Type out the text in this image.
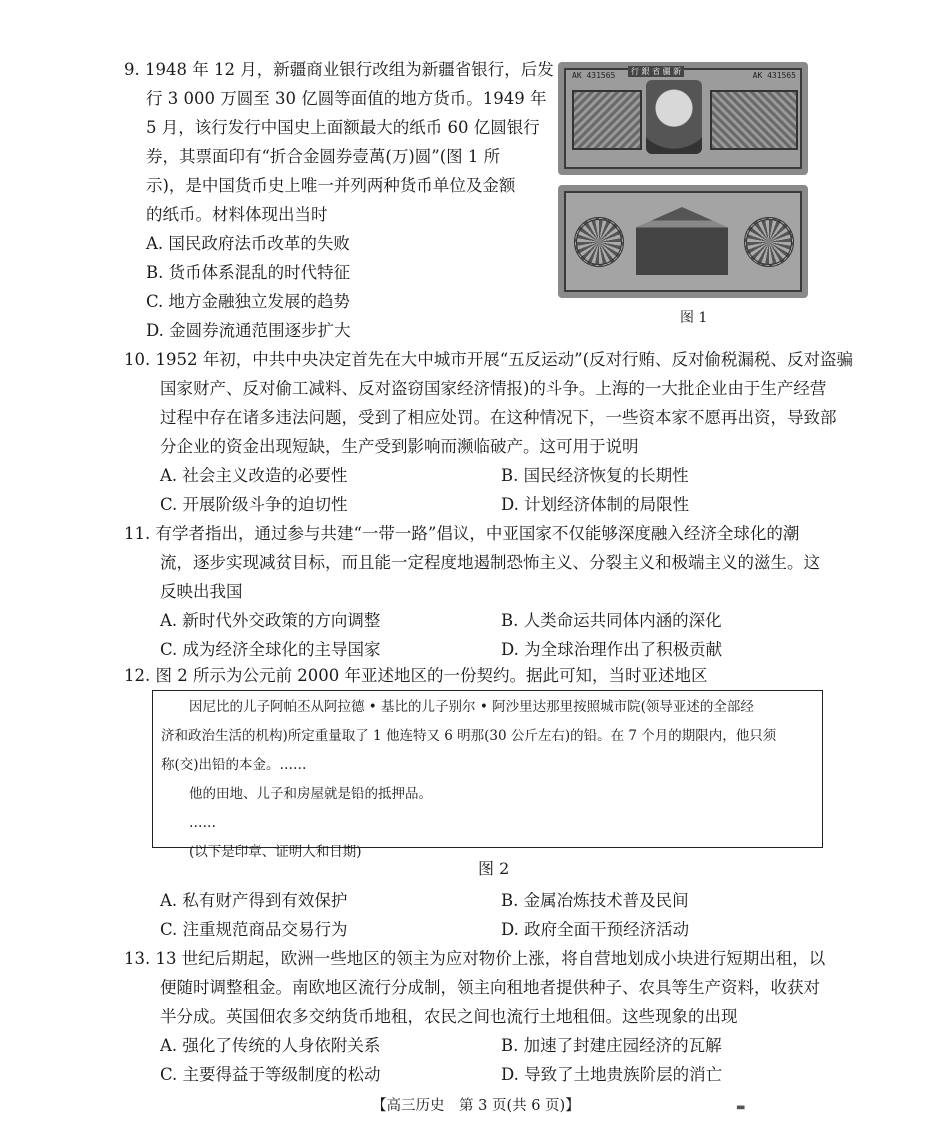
9. 1948 年 12 月，新疆商业银行改组为新疆省银行，后发
行 3 000 万圆至 30 亿圆等面值的地方货币。1949 年
5 月，该行发行中国史上面额最大的纸币 60 亿圆银行
券，其票面印有“折合金圆券壹萬(万)圆”(图 1 所
示)，是中国货币史上唯一并列两种货币单位及金额
的纸币。材料体现出当时
A. 国民政府法币改革的失败
B. 货币体系混乱的时代特征
C. 地方金融独立发展的趋势
D. 金圆券流通范围逐步扩大
行 銀 省 疆 新
AK 431565	AK 431565
图 1
10. 1952 年初，中共中央决定首先在大中城市开展“五反运动”(反对行贿、反对偷税漏税、反对盗骗
国家财产、反对偷工减料、反对盗窃国家经济情报)的斗争。上海的一大批企业由于生产经营
过程中存在诸多违法问题，受到了相应处罚。在这种情况下，一些资本家不愿再出资，导致部
分企业的资金出现短缺，生产受到影响而濒临破产。这可用于说明
A. 社会主义改造的必要性	B. 国民经济恢复的长期性
C. 开展阶级斗争的迫切性	D. 计划经济体制的局限性
11. 有学者指出，通过参与共建“一带一路”倡议，中亚国家不仅能够深度融入经济全球化的潮
流，逐步实现减贫目标，而且能一定程度地遏制恐怖主义、分裂主义和极端主义的滋生。这
反映出我国
A. 新时代外交政策的方向调整	B. 人类命运共同体内涵的深化
C. 成为经济全球化的主导国家	D. 为全球治理作出了积极贡献
12. 图 2 所示为公元前 2000 年亚述地区的一份契约。据此可知，当时亚述地区
因尼比的儿子阿帕丕从阿拉德 • 基比的儿子别尔 • 阿沙里达那里按照城市院(领导亚述的全部经
济和政治生活的机构)所定重量取了 1 他连特又 6 明那(30 公斤左右)的铅。在 7 个月的期限内，他只须
称(交)出铅的本金。……
他的田地、儿子和房屋就是铅的抵押品。
……
(以下是印章、证明人和日期)
图 2
A. 私有财产得到有效保护	B. 金属冶炼技术普及民间
C. 注重规范商品交易行为	D. 政府全面干预经济活动
13. 13 世纪后期起，欧洲一些地区的领主为应对物价上涨，将自营地划成小块进行短期出租，以
便随时调整租金。南欧地区流行分成制，领主向租地者提供种子、农具等生产资料，收获对
半分成。英国佃农多交纳货币地租，农民之间也流行土地租佃。这些现象的出现
A. 强化了传统的人身依附关系	B. 加速了封建庄园经济的瓦解
C. 主要得益于等级制度的松动	D. 导致了土地贵族阶层的消亡
【高三历史　第 3 页(共 6 页)】	▬
